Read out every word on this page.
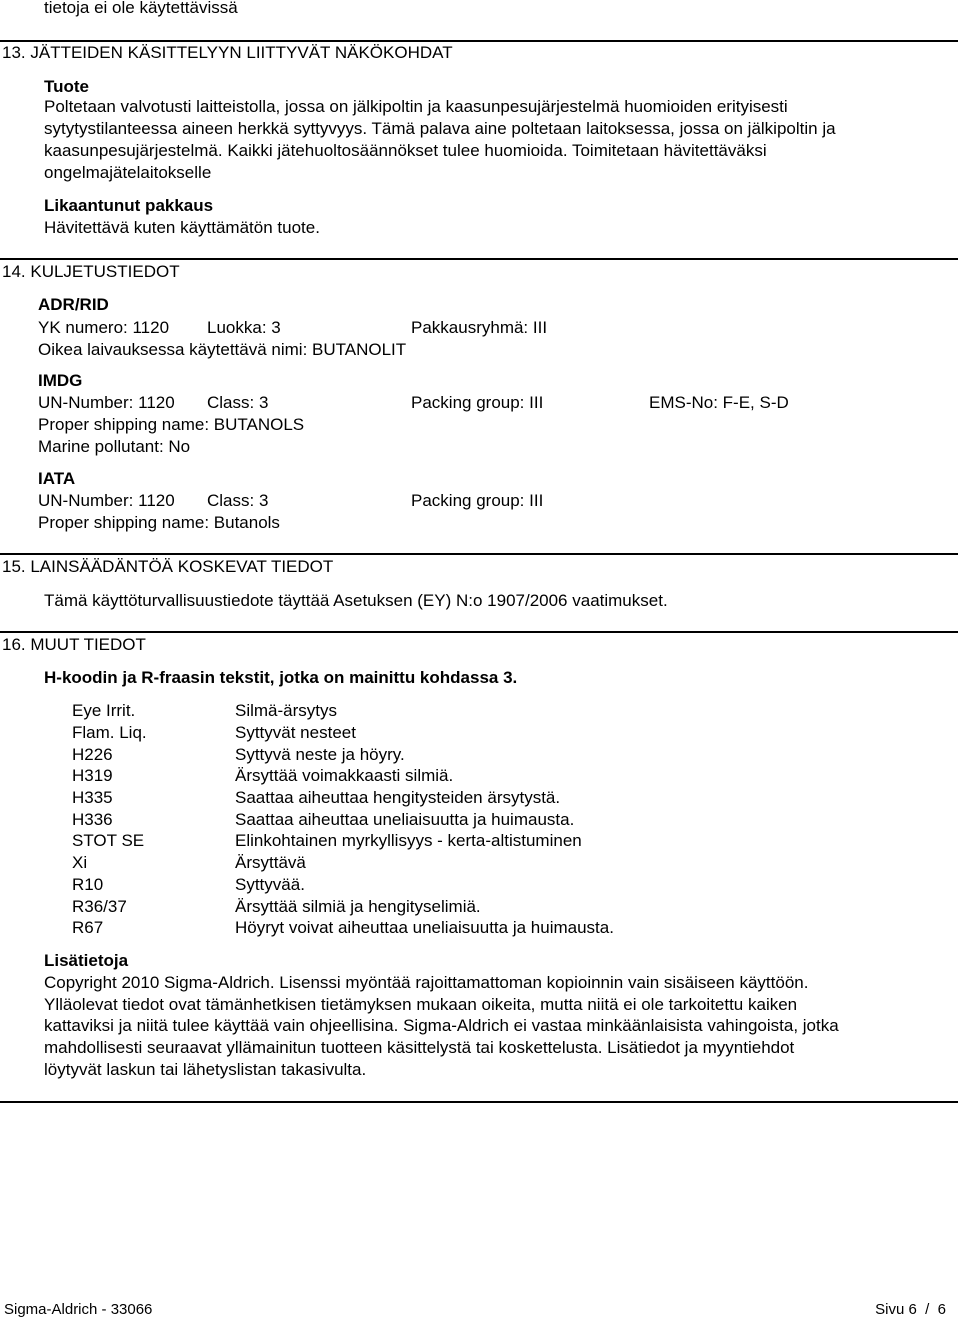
tietoja ei ole käytettävissä
13. JÄTTEIDEN KÄSITTELYYN LIITTYVÄT NÄKÖKOHDAT
Tuote
Poltetaan valvotusti laitteistolla, jossa on jälkipoltin ja kaasunpesujärjestelmä huomioiden erityisesti
sytytystilanteessa aineen herkkä syttyvyys. Tämä palava aine poltetaan laitoksessa, jossa on jälkipoltin ja
kaasunpesujärjestelmä. Kaikki jätehuoltosäännökset tulee huomioida. Toimitetaan hävitettäväksi
ongelmajätelaitokselle
Likaantunut pakkaus
Hävitettävä kuten käyttämätön tuote.
14. KULJETUSTIEDOT
ADR/RID
YK numero: 1120 Luokka: 3	Pakkausryhmä: III
Oikea laivauksessa käytettävä nimi: BUTANOLIT
IMDG
UN-Number: 1120 Class: 3	Packing group: III	EMS-No: F-E, S-D
Proper shipping name: BUTANOLS
Marine pollutant: No
IATA
UN-Number: 1120 Class: 3	Packing group: III
Proper shipping name: Butanols
15. LAINSÄÄDÄNTÖÄ KOSKEVAT TIEDOT
Tämä käyttöturvallisuustiedote täyttää Asetuksen (EY) N:o 1907/2006 vaatimukset.
16. MUUT TIEDOT
H-koodin ja R-fraasin tekstit, jotka on mainittu kohdassa 3.
Eye Irrit.	Silmä-ärsytys
Flam. Liq.	Syttyvät nesteet
H226	Syttyvä neste ja höyry.
H319	Ärsyttää voimakkaasti silmiä.
H335	Saattaa aiheuttaa hengitysteiden ärsytystä.
H336	Saattaa aiheuttaa uneliaisuutta ja huimausta.
STOT SE	Elinkohtainen myrkyllisyys - kerta-altistuminen
Xi	Ärsyttävä
R10	Syttyvää.
R36/37	Ärsyttää silmiä ja hengityselimiä.
R67	Höyryt voivat aiheuttaa uneliaisuutta ja huimausta.
Lisätietoja
Copyright 2010 Sigma-Aldrich. Lisenssi myöntää rajoittamattoman kopioinnin vain sisäiseen käyttöön.
Ylläolevat tiedot ovat tämänhetkisen tietämyksen mukaan oikeita, mutta niitä ei ole tarkoitettu kaiken
kattaviksi ja niitä tulee käyttää vain ohjeellisina. Sigma-Aldrich ei vastaa minkäänlaisista vahingoista, jotka
mahdollisesti seuraavat yllämainitun tuotteen käsittelystä tai koskettelusta. Lisätiedot ja myyntiehdot
löytyvät laskun tai lähetyslistan takasivulta.
Sigma-Aldrich - 33066	Sivu 6  /  6
